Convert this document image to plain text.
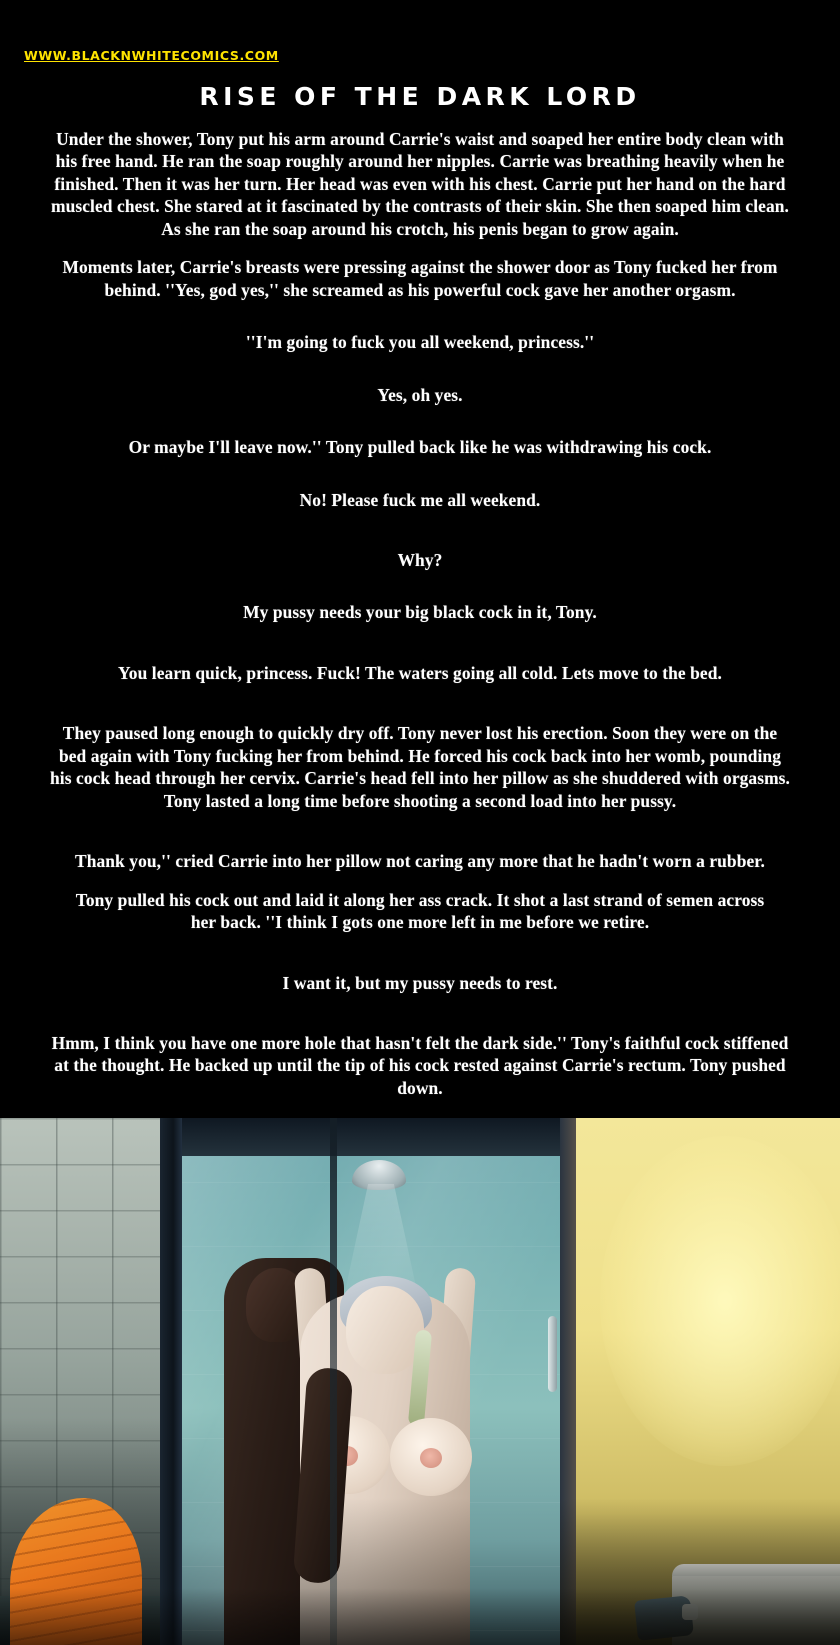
WWW.BLACKNWHITECOMICS.COM
RISE OF THE DARK LORD

Under the shower, Tony put his arm around Carrie's waist and soaped her entire body clean with his free hand. He ran the soap roughly around her nipples. Carrie was breathing heavily when he finished. Then it was her turn. Her head was even with his chest. Carrie put her hand on the hard muscled chest. She stared at it fascinated by the contrasts of their skin. She then soaped him clean. As she ran the soap around his crotch, his penis began to grow again.

Moments later, Carrie's breasts were pressing against the shower door as Tony fucked her from behind. ''Yes, god yes,'' she screamed as his powerful cock gave her another orgasm.

''I'm going to fuck you all weekend, princess.''

Yes, oh yes.

Or maybe I'll leave now.'' Tony pulled back like he was withdrawing his cock.

No! Please fuck me all weekend.

Why?

My pussy needs your big black cock in it, Tony.

You learn quick, princess. Fuck! The waters going all cold. Lets move to the bed.

They paused long enough to quickly dry off. Tony never lost his erection. Soon they were on the bed again with Tony fucking her from behind. He forced his cock back into her womb, pounding his cock head through her cervix. Carrie's head fell into her pillow as she shuddered with orgasms. Tony lasted a long time before shooting a second load into her pussy.

Thank you,'' cried Carrie into her pillow not caring any more that he hadn't worn a rubber.

Tony pulled his cock out and laid it along her ass crack. It shot a last strand of semen across her back. ''I think I gots one more left in me before we retire.

I want it, but my pussy needs to rest.

Hmm, I think you have one more hole that hasn't felt the dark side.'' Tony's faithful cock stiffened at the thought. He backed up until the tip of his cock rested against Carrie's rectum. Tony pushed down.
